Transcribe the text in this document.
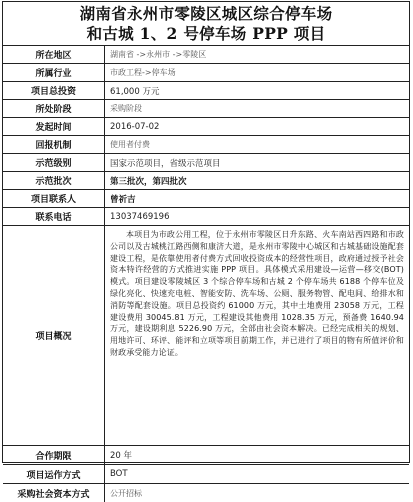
湖南省永州市零陵区城区综合停车场
和古城 1、2 号停车场 PPP 项目
所在地区	湖南省 ->永州市 ->零陵区
所属行业	市政工程->停车场
项目总投资	61,000 万元
所处阶段	采购阶段
发起时间	2016-07-02
回报机制	使用者付费
示范级别	国家示范项目，省级示范项目
示范批次	第三批次，第四批次
项目联系人	曾祈吉
联系电话	13037469196
项目概况	本项目为市政公用工程，位于永州市零陵区日升东路、火车南站西四路和市政公司以及古城桃江路西侧和康济大道，是永州市零陵中心城区和古城基础设施配套建设工程，是依靠使用者付费方式回收投资成本的经营性项目，政府通过授予社会资本特许经营的方式推进实施 PPP 项目。具体模式采用建设—运营—移交(BOT)模式。项目建设零陵城区 3 个综合停车场和古城 2 个停车场共 6188 个停车位及绿化亮化、快速充电桩、智能安防、洗车场、公厕、服务物管、配电间、给排水和消防等配套设施。项目总投资约 61000 万元，其中土地费用 23058 万元，工程建设费用 30045.81 万元，工程建设其他费用 1028.35 万元，预备费 1640.94 万元，建设期利息 5226.90 万元，全部由社会资本解决。已经完成相关的规划、用地许可、环评、能评和立项等项目前期工作，并已进行了项目的物有所值评价和财政承受能力论证。

合作期限	20 年
项目运作方式	BOT
采购社会资本方式	公开招标
